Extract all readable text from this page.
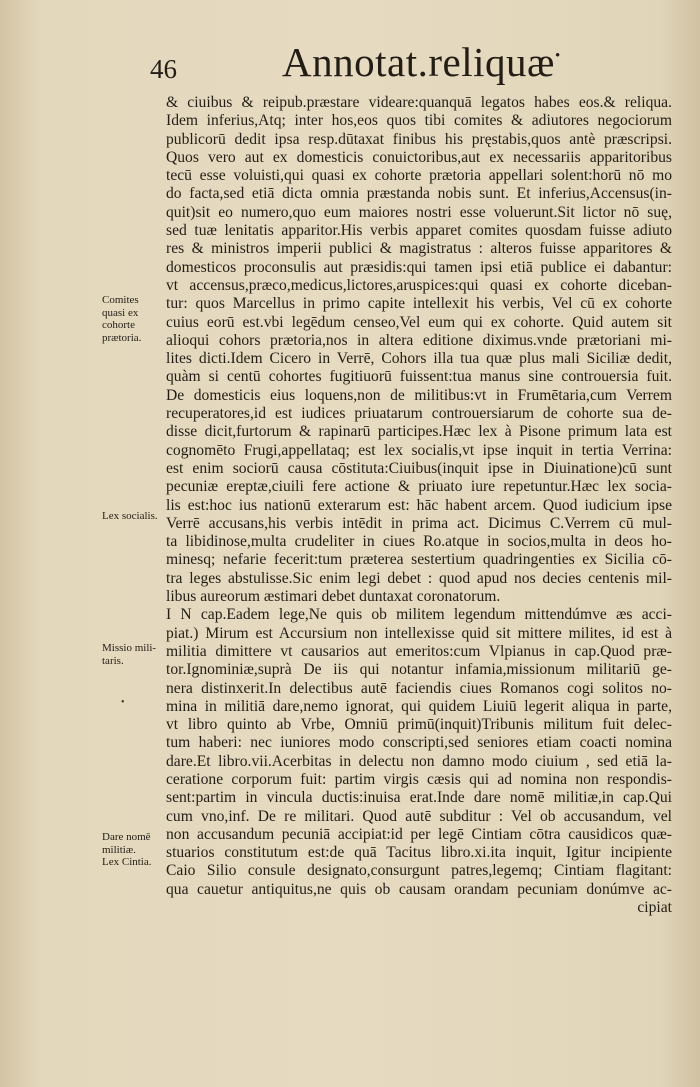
46	Annotat.reliquæ •
Comites
quasi ex
cohorte
prætoria.
Lex socialis.
Missio mili-
taris.
Dare nomē
militiæ.
Lex Cintia.
•
& ciuibus & reipub.præstare videare:quanquā legatos habes eos.& reliqua.
Idem inferius,Atq; inter hos,eos quos tibi comites & adiutores negociorum
publicorū dedit ipsa resp.dūtaxat finibus his pręstabis,quos antè præscripsi.
Quos vero aut ex domesticis conuictoribus,aut ex necessariis apparitoribus
tecū esse voluisti,qui quasi ex cohorte prætoria appellari solent:horū nō mo
do facta,sed etiā dicta omnia præstanda nobis sunt. Et inferius,Accensus(in-
quit)sit eo numero,quo eum maiores nostri esse voluerunt.Sit lictor nō suę,
sed tuæ lenitatis apparitor.His verbis apparet comites quosdam fuisse adiuto
res & ministros imperii publici & magistratus : alteros fuisse apparitores &
domesticos proconsulis aut præsidis:qui tamen ipsi etiā publice ei dabantur:
vt accensus,præco,medicus,lictores,aruspices:qui quasi ex cohorte diceban-
tur: quos Marcellus in primo capite intellexit his verbis, Vel cū ex cohorte
cuius eorū est.vbi legēdum censeo,Vel eum qui ex cohorte. Quid autem sit
alioqui cohors prætoria,nos in altera editione diximus.vnde prætoriani mi-
lites dicti.Idem Cicero in Verrē, Cohors illa tua quæ plus mali Siciliæ dedit,
quàm si centū cohortes fugitiuorū fuissent:tua manus sine controuersia fuit.
De domesticis eius loquens,non de militibus:vt in Frumētaria,cum Verrem
recuperatores,id est iudices priuatarum controuersiarum de cohorte sua de-
disse dicit,furtorum & rapinarū participes.Hæc lex à Pisone primum lata est
cognomēto Frugi,appellataq; est lex socialis,vt ipse inquit in tertia Verrina:
est enim sociorū causa cōstituta:Ciuibus(inquit ipse in Diuinatione)cū sunt
pecuniæ ereptæ,ciuili fere actione & priuato iure repetuntur.Hæc lex socia-
lis est:hoc ius nationū exterarum est: hāc habent arcem. Quod iudicium ipse
Verrē accusans,his verbis intēdit in prima act. Dicimus C.Verrem cū mul-
ta libidinose,multa crudeliter in ciues Ro.atque in socios,multa in deos ho-
minesq; nefarie fecerit:tum præterea sestertium quadringenties ex Sicilia cō-
tra leges abstulisse.Sic enim legi debet : quod apud nos decies centenis mil-
libus aureorum æstimari debet duntaxat coronatorum.
I N cap.Eadem lege,Ne quis ob militem legendum mittendúmve æs acci-
piat.) Mirum est Accursium non intellexisse quid sit mittere milites, id est à
militia dimittere vt causarios aut emeritos:cum Vlpianus in cap.Quod præ-
tor.Ignominiæ,suprà De iis qui notantur infamia,missionum militariū ge-
nera distinxerit.In delectibus autē faciendis ciues Romanos cogi solitos no-
mina in militiā dare,nemo ignorat, qui quidem Liuiū legerit aliqua in parte,
vt libro quinto ab Vrbe, Omniū primū(inquit)Tribunis militum fuit delec-
tum haberi: nec iuniores modo conscripti,sed seniores etiam coacti nomina
dare.Et libro.vii.Acerbitas in delectu non damno modo ciuium , sed etiā la-
ceratione corporum fuit: partim virgis cæsis qui ad nomina non respondis-
sent:partim in vincula ductis:inuisa erat.Inde dare nomē militiæ,in cap.Qui
cum vno,inf. De re militari. Quod autē subditur : Vel ob accusandum, vel
non accusandum pecuniā accipiat:id per legē Cintiam cōtra causidicos quæ-
stuarios constitutum est:de quā Tacitus libro.xi.ita inquit, Igitur incipiente
Caio Silio consule designato,consurgunt patres,legemq; Cintiam flagitant:
qua cauetur antiquitus,ne quis ob causam orandam pecuniam donúmve ac-
cipiat
